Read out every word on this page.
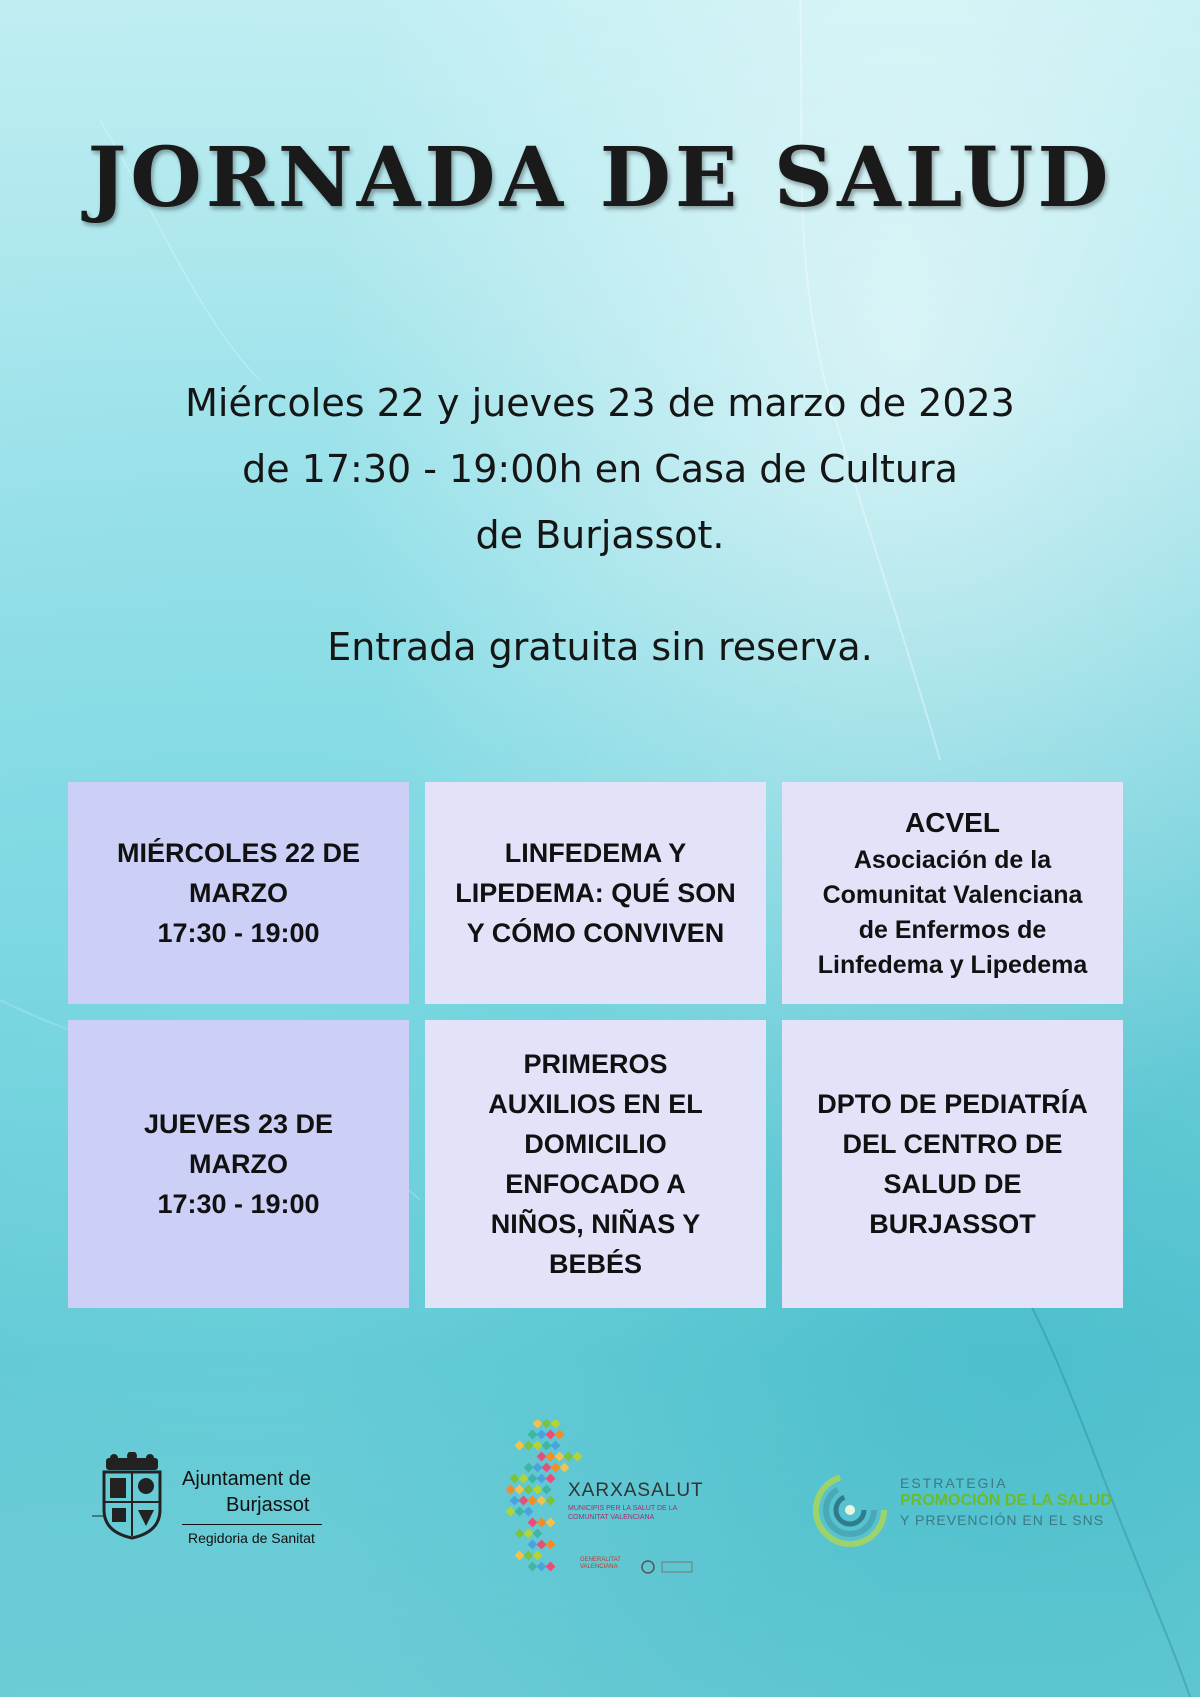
JORNADA DE SALUD
Miércoles 22 y jueves 23 de marzo de 2023
de 17:30 - 19:00h en Casa de Cultura
de Burjassot.
Entrada gratuita sin reserva.
MIÉRCOLES 22 DE
MARZO
17:30 - 19:00
LINFEDEMA Y
LIPEDEMA: QUÉ SON
Y CÓMO CONVIVEN
ACVEL
Asociación de la
Comunitat Valenciana
de Enfermos de
Linfedema y Lipedema
JUEVES 23 DE
MARZO
17:30 - 19:00
PRIMEROS
AUXILIOS EN EL
DOMICILIO
ENFOCADO A
NIÑOS, NIÑAS Y
BEBÉS
DPTO DE PEDIATRÍA
DEL CENTRO DE
SALUD DE
BURJASSOT
Ajuntament de
Burjassot
Regidoria de Sanitat
XARXASALUT
MUNICIPIS PER LA SALUT DE LA COMUNITAT VALENCIANA
GENERALITAT VALENCIANA
ESTRATEGIA
PROMOCIÓN DE LA SALUD
Y PREVENCIÓN EN EL SNS
